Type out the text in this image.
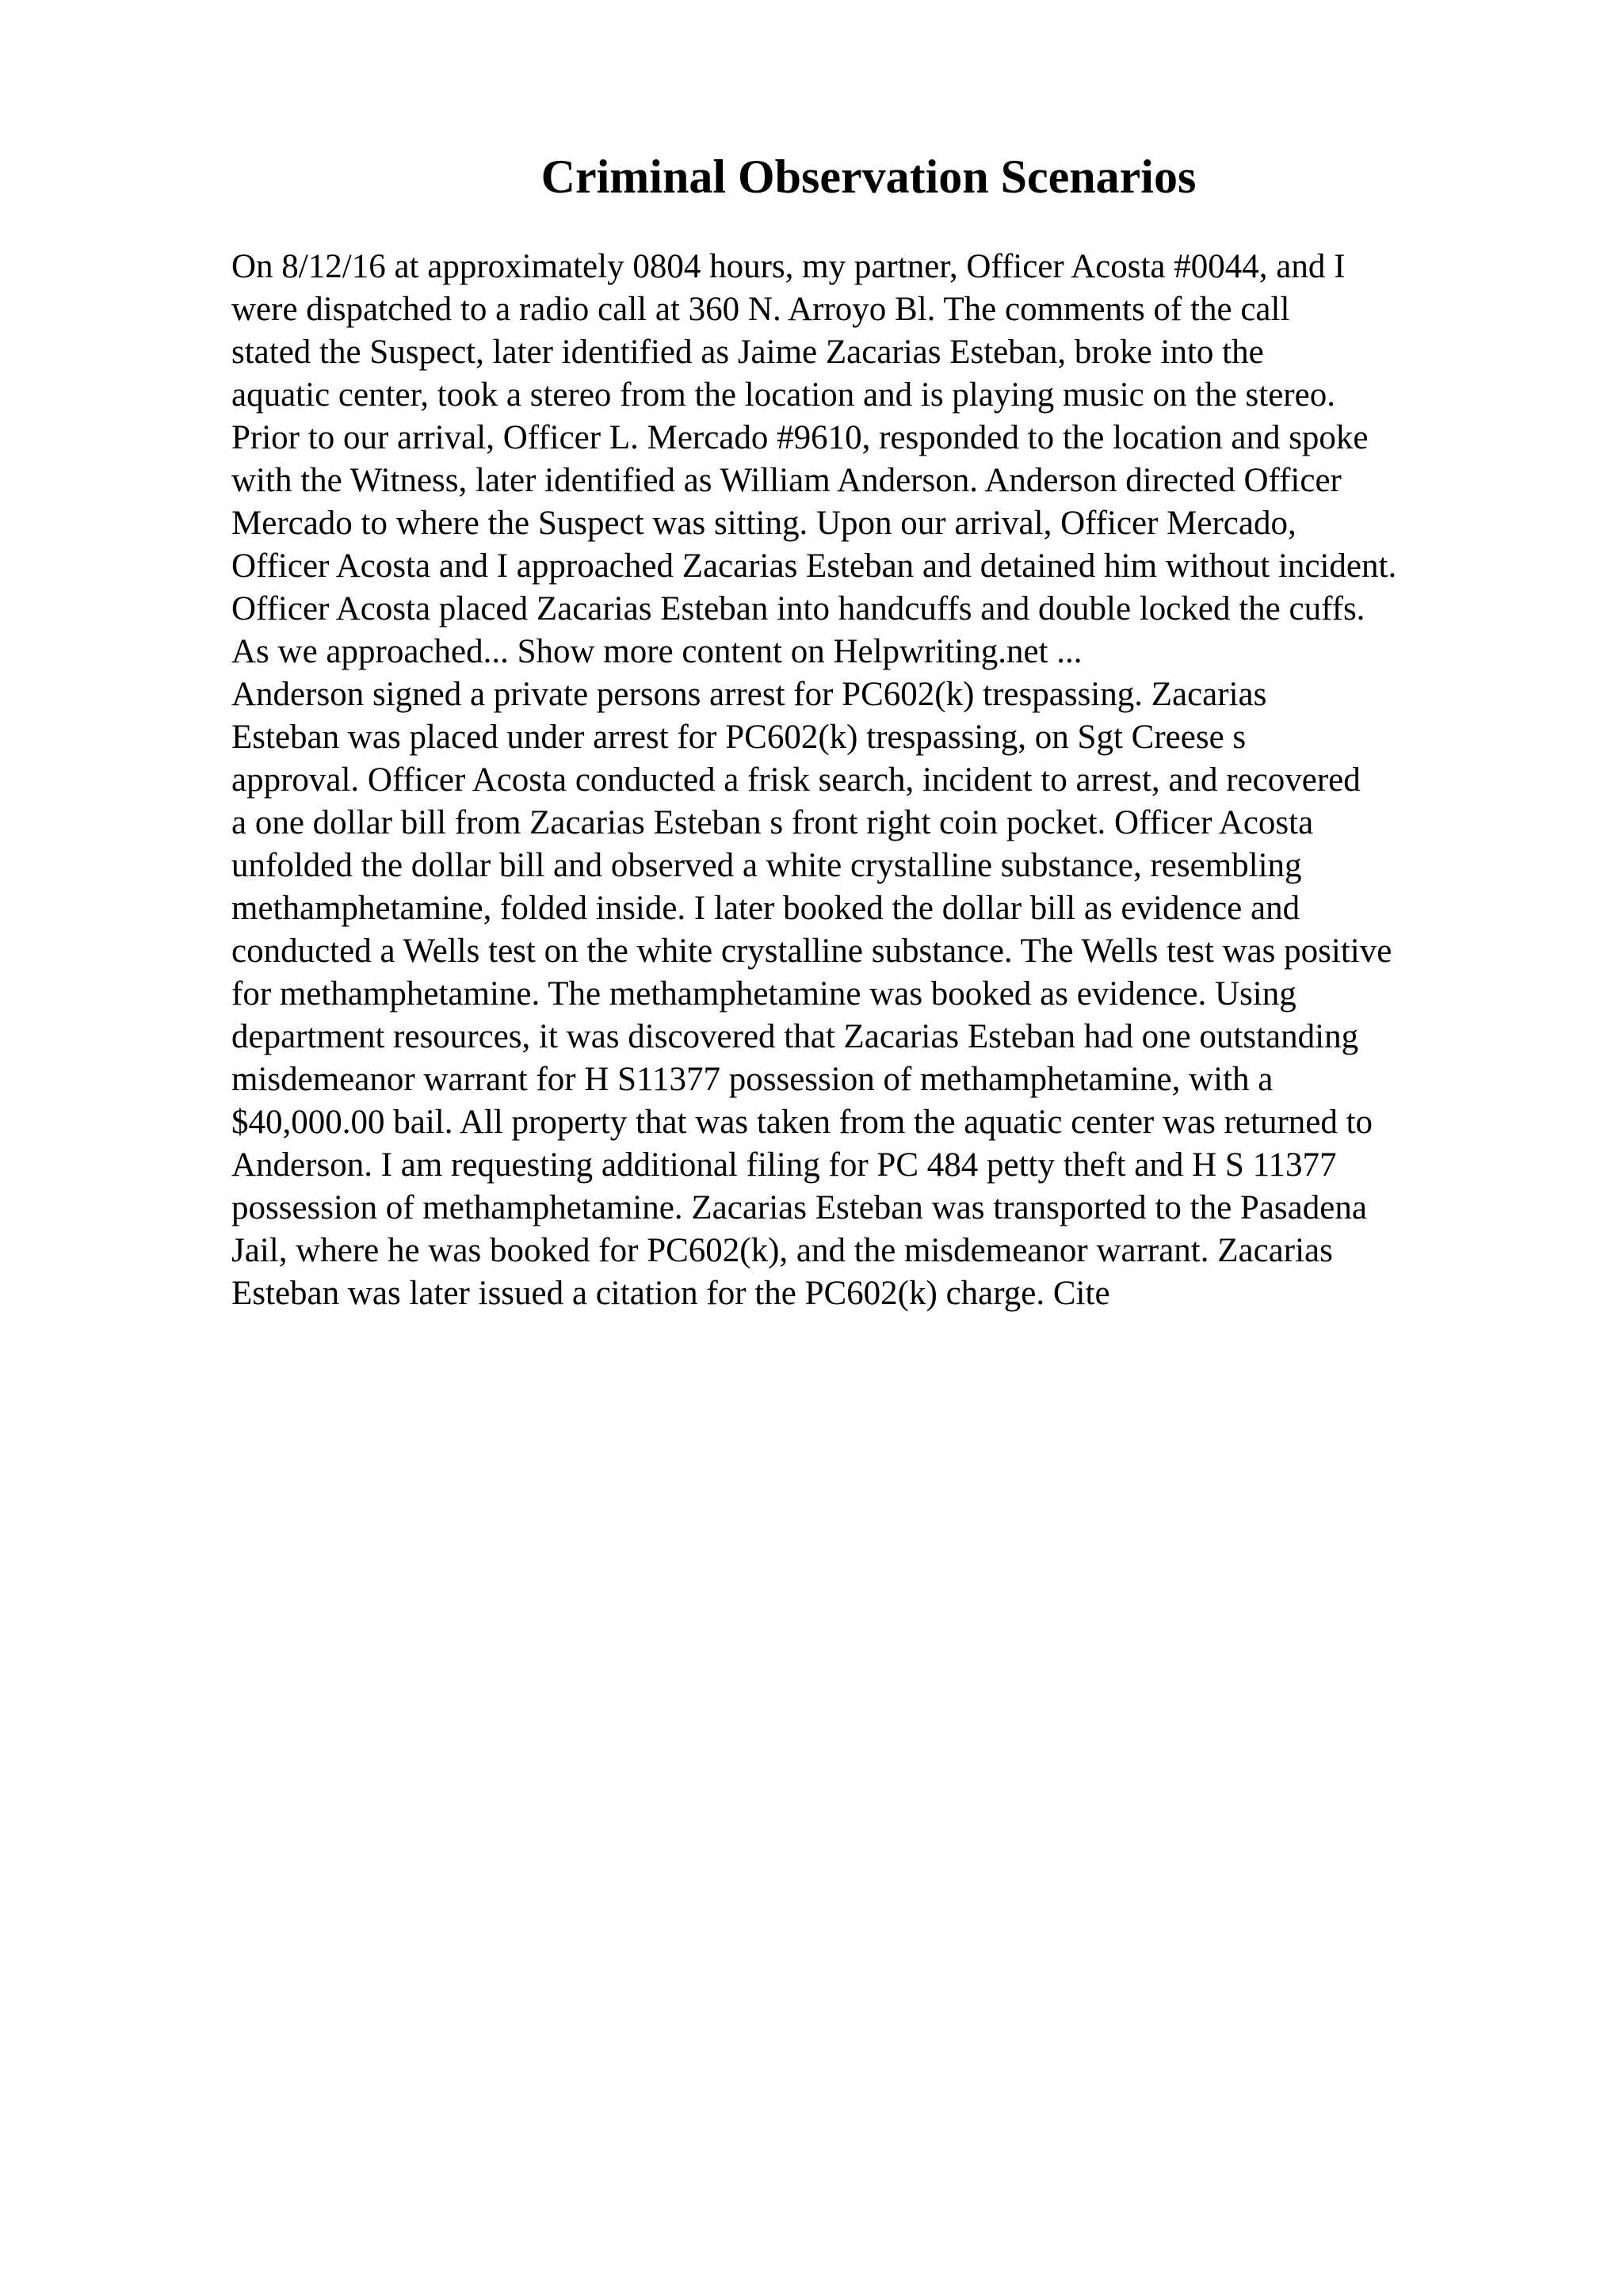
Criminal Observation Scenarios
On 8/12/16 at approximately 0804 hours, my partner, Officer Acosta #0044, and I
were dispatched to a radio call at 360 N. Arroyo Bl. The comments of the call
stated the Suspect, later identified as Jaime Zacarias Esteban, broke into the
aquatic center, took a stereo from the location and is playing music on the stereo.
Prior to our arrival, Officer L. Mercado #9610, responded to the location and spoke
with the Witness, later identified as William Anderson. Anderson directed Officer
Mercado to where the Suspect was sitting. Upon our arrival, Officer Mercado,
Officer Acosta and I approached Zacarias Esteban and detained him without incident.
Officer Acosta placed Zacarias Esteban into handcuffs and double locked the cuffs.
As we approached... Show more content on Helpwriting.net ...
Anderson signed a private persons arrest for PC602(k) trespassing. Zacarias
Esteban was placed under arrest for PC602(k) trespassing, on Sgt Creese s
approval. Officer Acosta conducted a frisk search, incident to arrest, and recovered
a one dollar bill from Zacarias Esteban s front right coin pocket. Officer Acosta
unfolded the dollar bill and observed a white crystalline substance, resembling
methamphetamine, folded inside. I later booked the dollar bill as evidence and
conducted a Wells test on the white crystalline substance. The Wells test was positive
for methamphetamine. The methamphetamine was booked as evidence. Using
department resources, it was discovered that Zacarias Esteban had one outstanding
misdemeanor warrant for H S11377 possession of methamphetamine, with a
$40,000.00 bail. All property that was taken from the aquatic center was returned to
Anderson. I am requesting additional filing for PC 484 petty theft and H S 11377
possession of methamphetamine. Zacarias Esteban was transported to the Pasadena
Jail, where he was booked for PC602(k), and the misdemeanor warrant. Zacarias
Esteban was later issued a citation for the PC602(k) charge. Cite
